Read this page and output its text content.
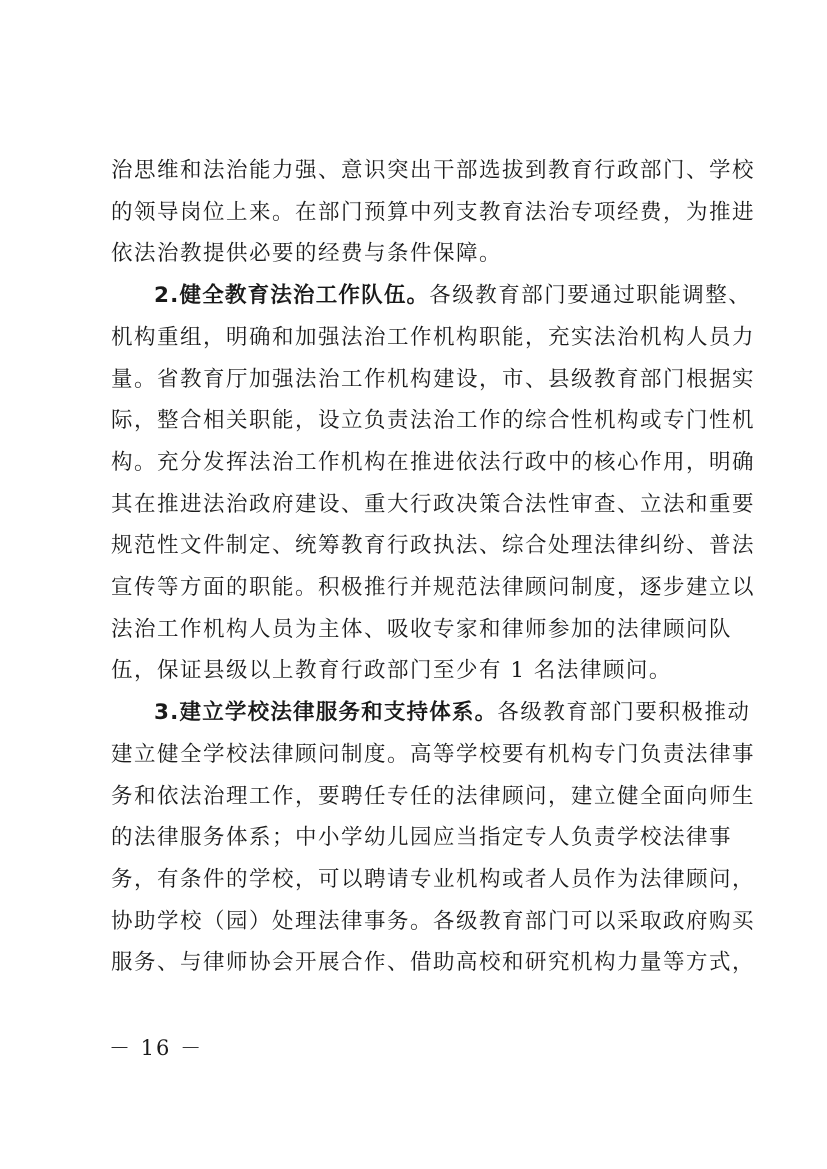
治思维和法治能力强、意识突出干部选拔到教育行政部门、学校
的领导岗位上来。在部门预算中列支教育法治专项经费，为推进
依法治教提供必要的经费与条件保障。
2.健全教育法治工作队伍。各级教育部门要通过职能调整、
机构重组，明确和加强法治工作机构职能，充实法治机构人员力
量。省教育厅加强法治工作机构建设，市、县级教育部门根据实
际，整合相关职能，设立负责法治工作的综合性机构或专门性机
构。充分发挥法治工作机构在推进依法行政中的核心作用，明确
其在推进法治政府建设、重大行政决策合法性审查、立法和重要
规范性文件制定、统筹教育行政执法、综合处理法律纠纷、普法
宣传等方面的职能。积极推行并规范法律顾问制度，逐步建立以
法治工作机构人员为主体、吸收专家和律师参加的法律顾问队
伍，保证县级以上教育行政部门至少有 1 名法律顾问。
3.建立学校法律服务和支持体系。各级教育部门要积极推动
建立健全学校法律顾问制度。高等学校要有机构专门负责法律事
务和依法治理工作，要聘任专任的法律顾问，建立健全面向师生
的法律服务体系；中小学幼儿园应当指定专人负责学校法律事
务，有条件的学校，可以聘请专业机构或者人员作为法律顾问，
协助学校（园）处理法律事务。各级教育部门可以采取政府购买
服务、与律师协会开展合作、借助高校和研究机构力量等方式，
－ 16 －
